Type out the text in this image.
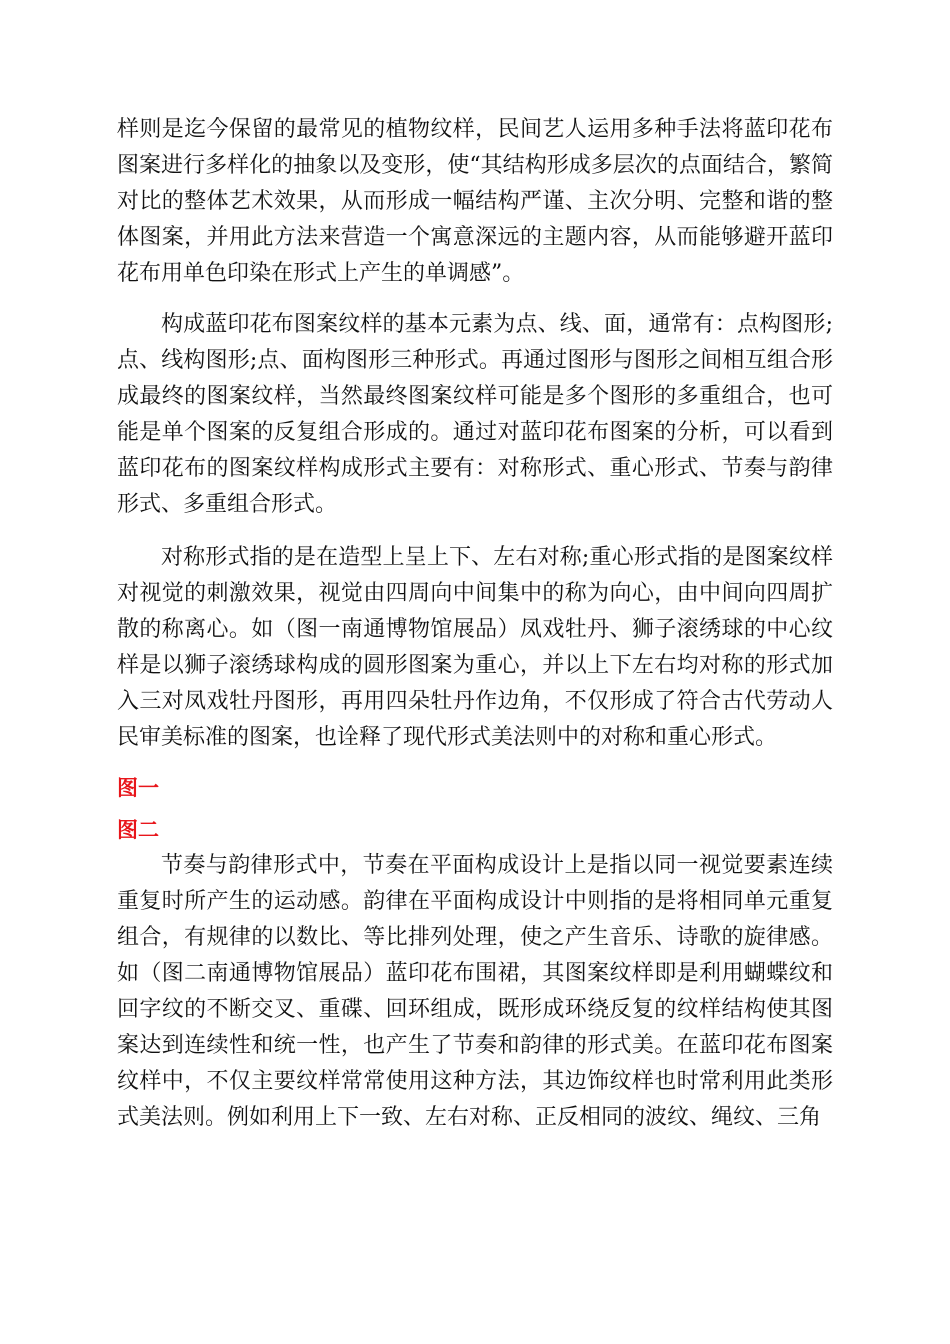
样则是迄今保留的最常见的植物纹样，民间艺人运用多种手法将蓝印花布图案进行多样化的抽象以及变形，使“其结构形成多层次的点面结合，繁简对比的整体艺术效果，从而形成一幅结构严谨、主次分明、完整和谐的整体图案，并用此方法来营造一个寓意深远的主题内容，从而能够避开蓝印花布用单色印染在形式上产生的单调感”。

构成蓝印花布图案纹样的基本元素为点、线、面，通常有：点构图形;点、线构图形;点、面构图形三种形式。再通过图形与图形之间相互组合形成最终的图案纹样，当然最终图案纹样可能是多个图形的多重组合，也可能是单个图案的反复组合形成的。通过对蓝印花布图案的分析，可以看到蓝印花布的图案纹样构成形式主要有：对称形式、重心形式、节奏与韵律形式、多重组合形式。

对称形式指的是在造型上呈上下、左右对称;重心形式指的是图案纹样对视觉的刺激效果，视觉由四周向中间集中的称为向心，由中间向四周扩散的称离心。如（图一南通博物馆展品）凤戏牡丹、狮子滚绣球的中心纹样是以狮子滚绣球构成的圆形图案为重心，并以上下左右均对称的形式加入三对凤戏牡丹图形，再用四朵牡丹作边角，不仅形成了符合古代劳动人民审美标准的图案，也诠释了现代形式美法则中的对称和重心形式。

图一

图二

节奏与韵律形式中，节奏在平面构成设计上是指以同一视觉要素连续重复时所产生的运动感。韵律在平面构成设计中则指的是将相同单元重复组合，有规律的以数比、等比排列处理，使之产生音乐、诗歌的旋律感。如（图二南通博物馆展品）蓝印花布围裙，其图案纹样即是利用蝴蝶纹和回字纹的不断交叉、重碟、回环组成，既形成环绕反复的纹样结构使其图案达到连续性和统一性，也产生了节奏和韵律的形式美。在蓝印花布图案纹样中，不仅主要纹样常常使用这种方法，其边饰纹样也时常利用此类形式美法则。例如利用上下一致、左右对称、正反相同的波纹、绳纹、三角
